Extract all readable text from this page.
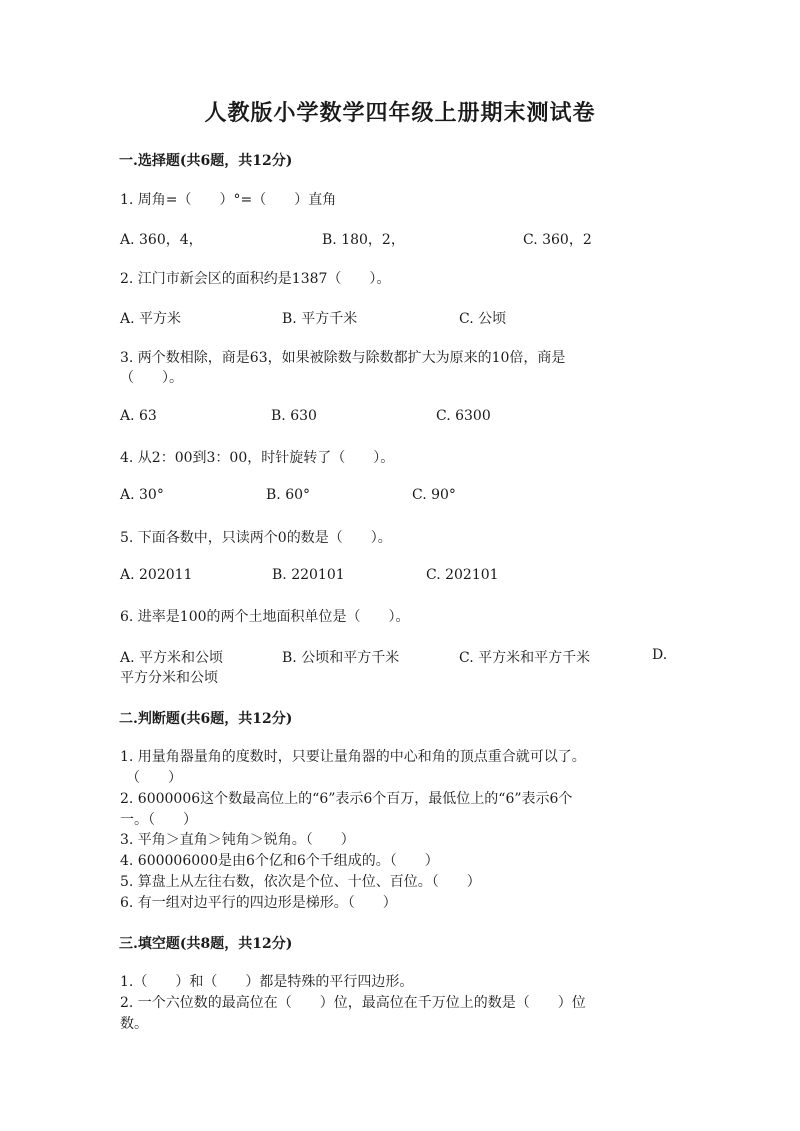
人教版小学数学四年级上册期末测试卷
一.选择题(共6题，共12分)
1. 周角=（　　）°=（　　）直角
A. 360，4，	B. 180，2，	C. 360，2
2. 江门市新会区的面积约是1387（　　）。
A. 平方米	B. 平方千米	C. 公顷
3. 两个数相除，商是63，如果被除数与除数都扩大为原来的10倍，商是
（　　）。
A. 63	B. 630	C. 6300
4. 从2：00到3：00，时针旋转了（　　）。
A. 30°	B. 60°	C. 90°
5. 下面各数中，只读两个0的数是（　　）。
A. 202011	B. 220101	C. 202101
6. 进率是100的两个土地面积单位是（　　）。
A. 平方米和公顷	B. 公顷和平方千米	C. 平方米和平方千米	D.
平方分米和公顷
二.判断题(共6题，共12分)
1. 用量角器量角的度数时，只要让量角器的中心和角的顶点重合就可以了。
（　　）
2. 6000006这个数最高位上的“6”表示6个百万，最低位上的“6”表示6个
一。（　　）
3. 平角＞直角＞钝角＞锐角。（　　）
4. 600006000是由6个亿和6个千组成的。（　　）
5. 算盘上从左往右数，依次是个位、十位、百位。（　　）
6. 有一组对边平行的四边形是梯形。（　　）
三.填空题(共8题，共12分)
1.（　　）和（　　）都是特殊的平行四边形。
2. 一个六位数的最高位在（　　）位，最高位在千万位上的数是（　　）位
数。
